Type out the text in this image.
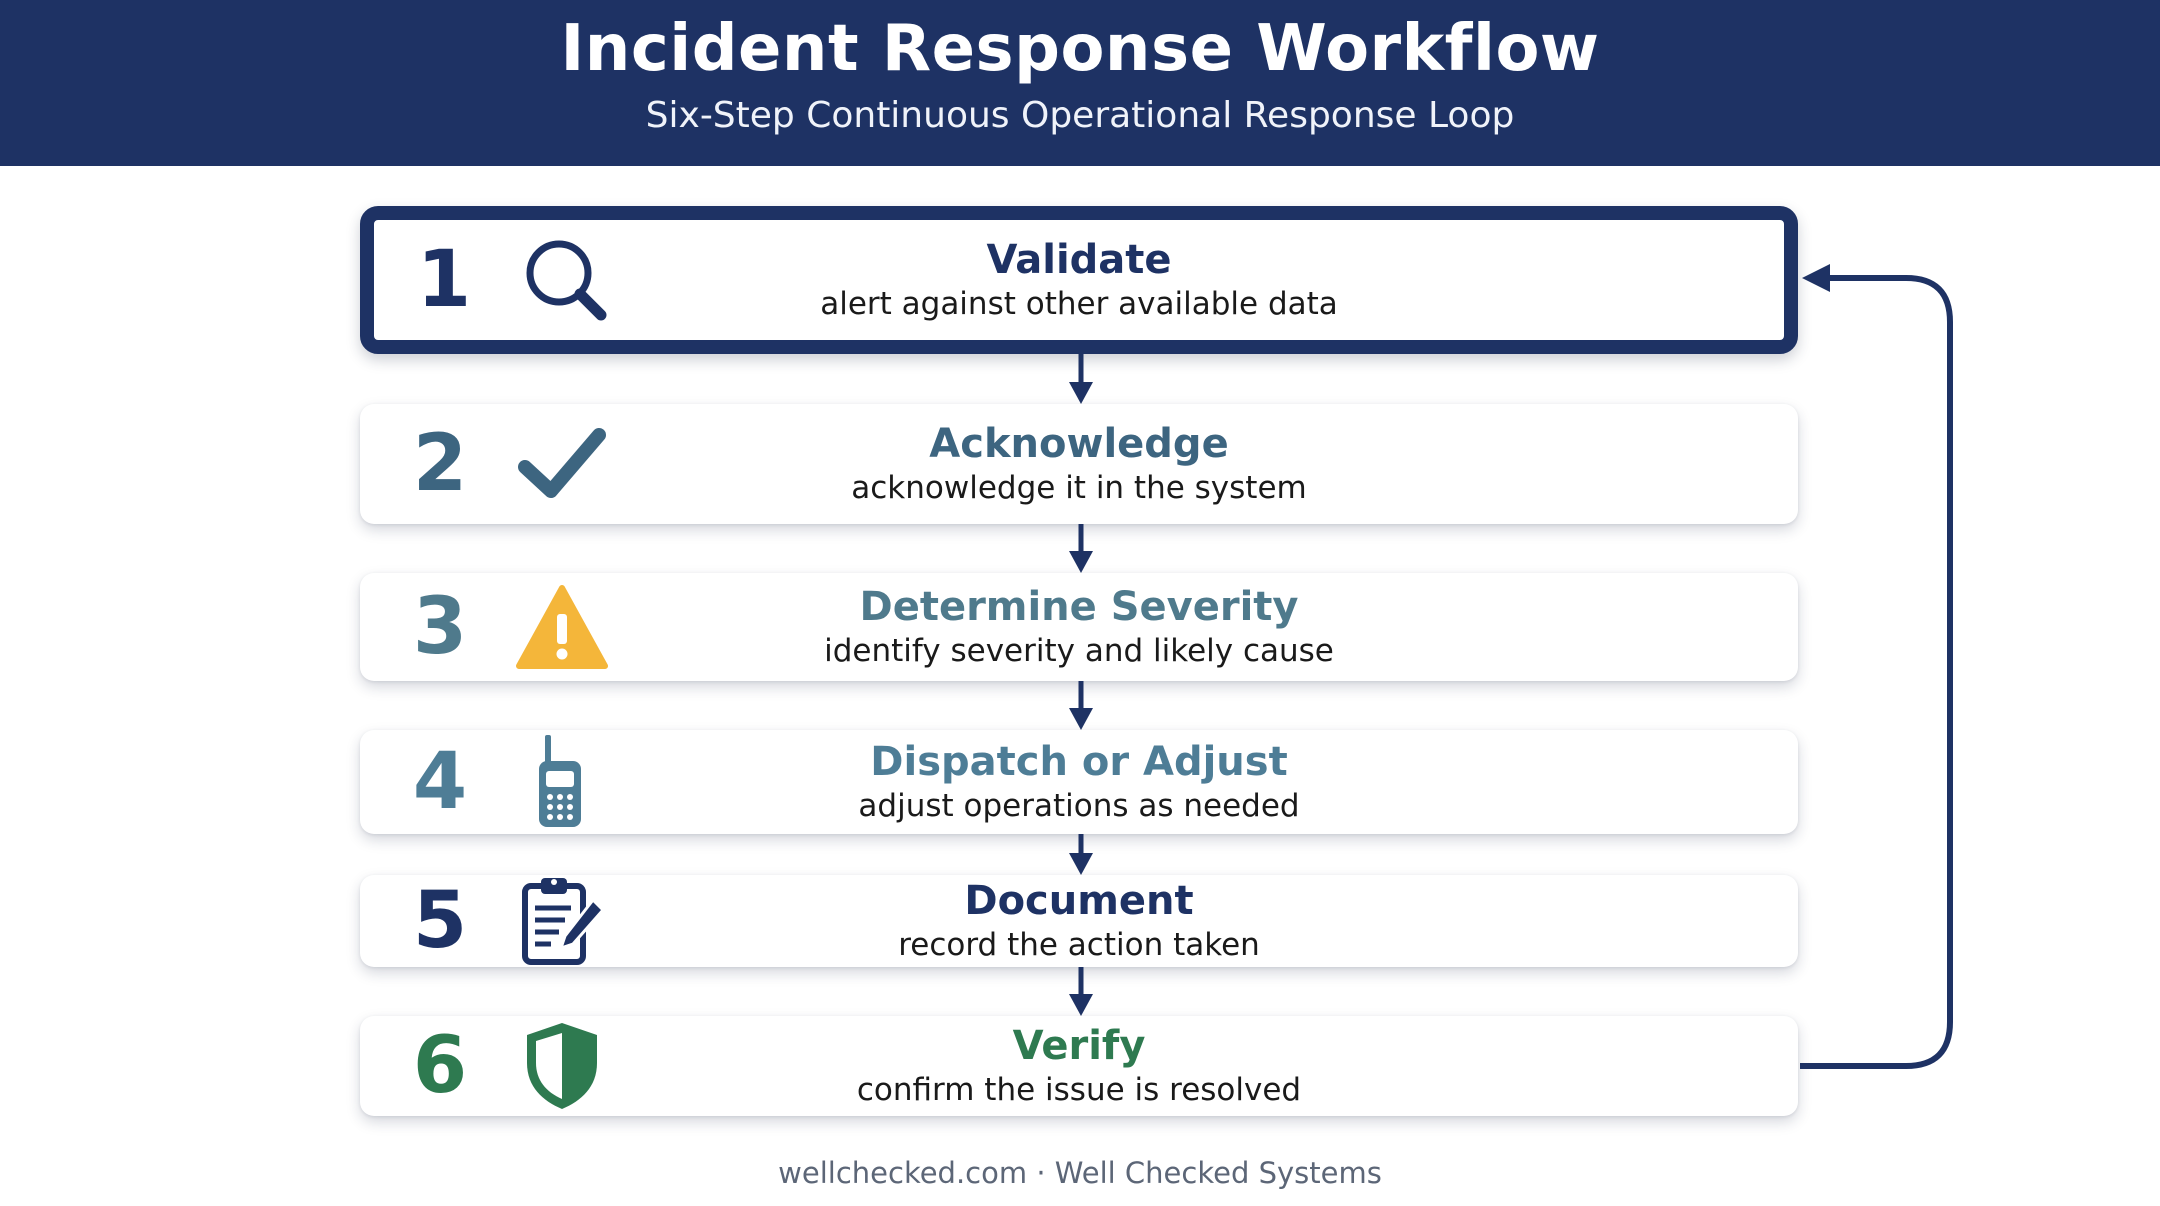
Incident Response Workflow
Six-Step Continuous Operational Response Loop
1	Validate
alert against other available data
2	Acknowledge
acknowledge it in the system
3	Determine Severity
identify severity and likely cause
4	Dispatch or Adjust
adjust operations as needed
5	Document
record the action taken
6	Verify
confirm the issue is resolved
wellchecked.com · Well Checked Systems
